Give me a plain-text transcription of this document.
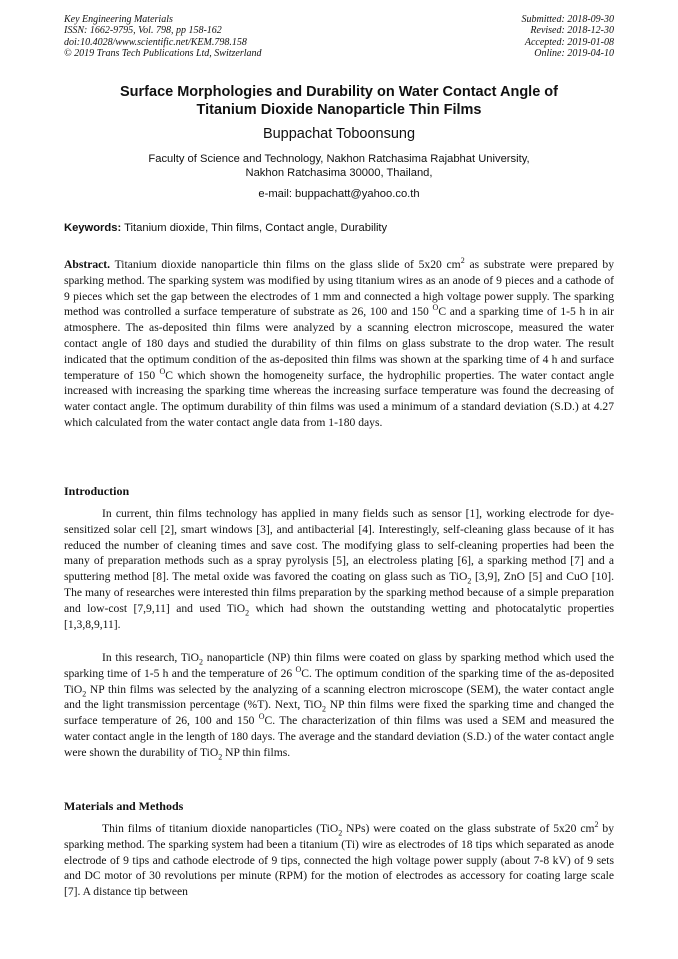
Key Engineering Materials
ISSN: 1662-9795, Vol. 798, pp 158-162
doi:10.4028/www.scientific.net/KEM.798.158
© 2019 Trans Tech Publications Ltd, Switzerland
Submitted: 2018-09-30
Revised: 2018-12-30
Accepted: 2019-01-08
Online: 2019-04-10
Surface Morphologies and Durability on Water Contact Angle of
Titanium Dioxide Nanoparticle Thin Films
Buppachat Toboonsung
Faculty of Science and Technology, Nakhon Ratchasima Rajabhat University,
Nakhon Ratchasima 30000, Thailand,
e-mail: buppachatt@yahoo.co.th
Keywords: Titanium dioxide, Thin films, Contact angle, Durability
Abstract. Titanium dioxide nanoparticle thin films on the glass slide of 5x20 $cm^2$ as substrate were prepared by sparking method. The sparking system was modified by using titanium wires as an anode of 9 pieces and a cathode of 9 pieces which set the gap between the electrodes of 1 mm and connected a high voltage power supply. The sparking method was controlled a surface temperature of substrate as 26, 100 and 150 $^O$C and a sparking time of 1-5 h in air atmosphere. The as-deposited thin films were analyzed by a scanning electron microscope, measured the water contact angle of 180 days and studied the durability of thin films on glass substrate to the drop water. The result indicated that the optimum condition of the as-deposited thin films was shown at the sparking time of 4 h and surface temperature of 150 $^O$C which shown the homogeneity surface, the hydrophilic properties. The water contact angle increased with increasing the sparking time whereas the increasing surface temperature was found the decreasing of water contact angle. The optimum durability of thin films was used a minimum of a standard deviation (S.D.) at 4.27 which calculated from the water contact angle data from 1-180 days.
Introduction
In current, thin films technology has applied in many fields such as sensor [1], working electrode for dye-sensitized solar cell [2], smart windows [3], and antibacterial [4]. Interestingly, self-cleaning glass because of it has reduced the number of cleaning times and save cost. The modifying glass to self-cleaning properties had been the many of preparation methods such as a spray pyrolysis [5], an electroless plating [6], a sparking method [7] and a sputtering method [8]. The metal oxide was favored the coating on glass such as TiO$_2$ [3,9], ZnO [5] and CuO [10]. The many of researches were interested thin films preparation by the sparking method because of a simple preparation and low-cost [7,9,11] and used TiO$_2$ which had shown the outstanding wetting and photocatalytic properties [1,3,8,9,11].
In this research, TiO$_2$ nanoparticle (NP) thin films were coated on glass by sparking method which used the sparking time of 1-5 h and the temperature of 26 $^O$C. The optimum condition of the sparking time of the as-deposited TiO$_2$ NP thin films was selected by the analyzing of a scanning electron microscope (SEM), the water contact angle and the light transmission percentage (%T). Next, TiO$_2$ NP thin films were fixed the sparking time and changed the surface temperature of 26, 100 and 150 $^O$C. The characterization of thin films was used a SEM and measured the water contact angle in the length of 180 days. The average and the standard deviation (S.D.) of the water contact angle were shown the durability of TiO$_2$ NP thin films.
Materials and Methods
Thin films of titanium dioxide nanoparticles (TiO$_2$ NPs) were coated on the glass substrate of 5x20 $cm^2$ by sparking method. The sparking system had been a titanium (Ti) wire as electrodes of 18 tips which separated as anode electrode of 9 tips and cathode electrode of 9 tips, connected the high voltage power supply (about 7-8 kV) of 9 sets and DC motor of 30 revolutions per minute (RPM) for the motion of electrodes as accessory for coating large scale [7]. A distance tip between
